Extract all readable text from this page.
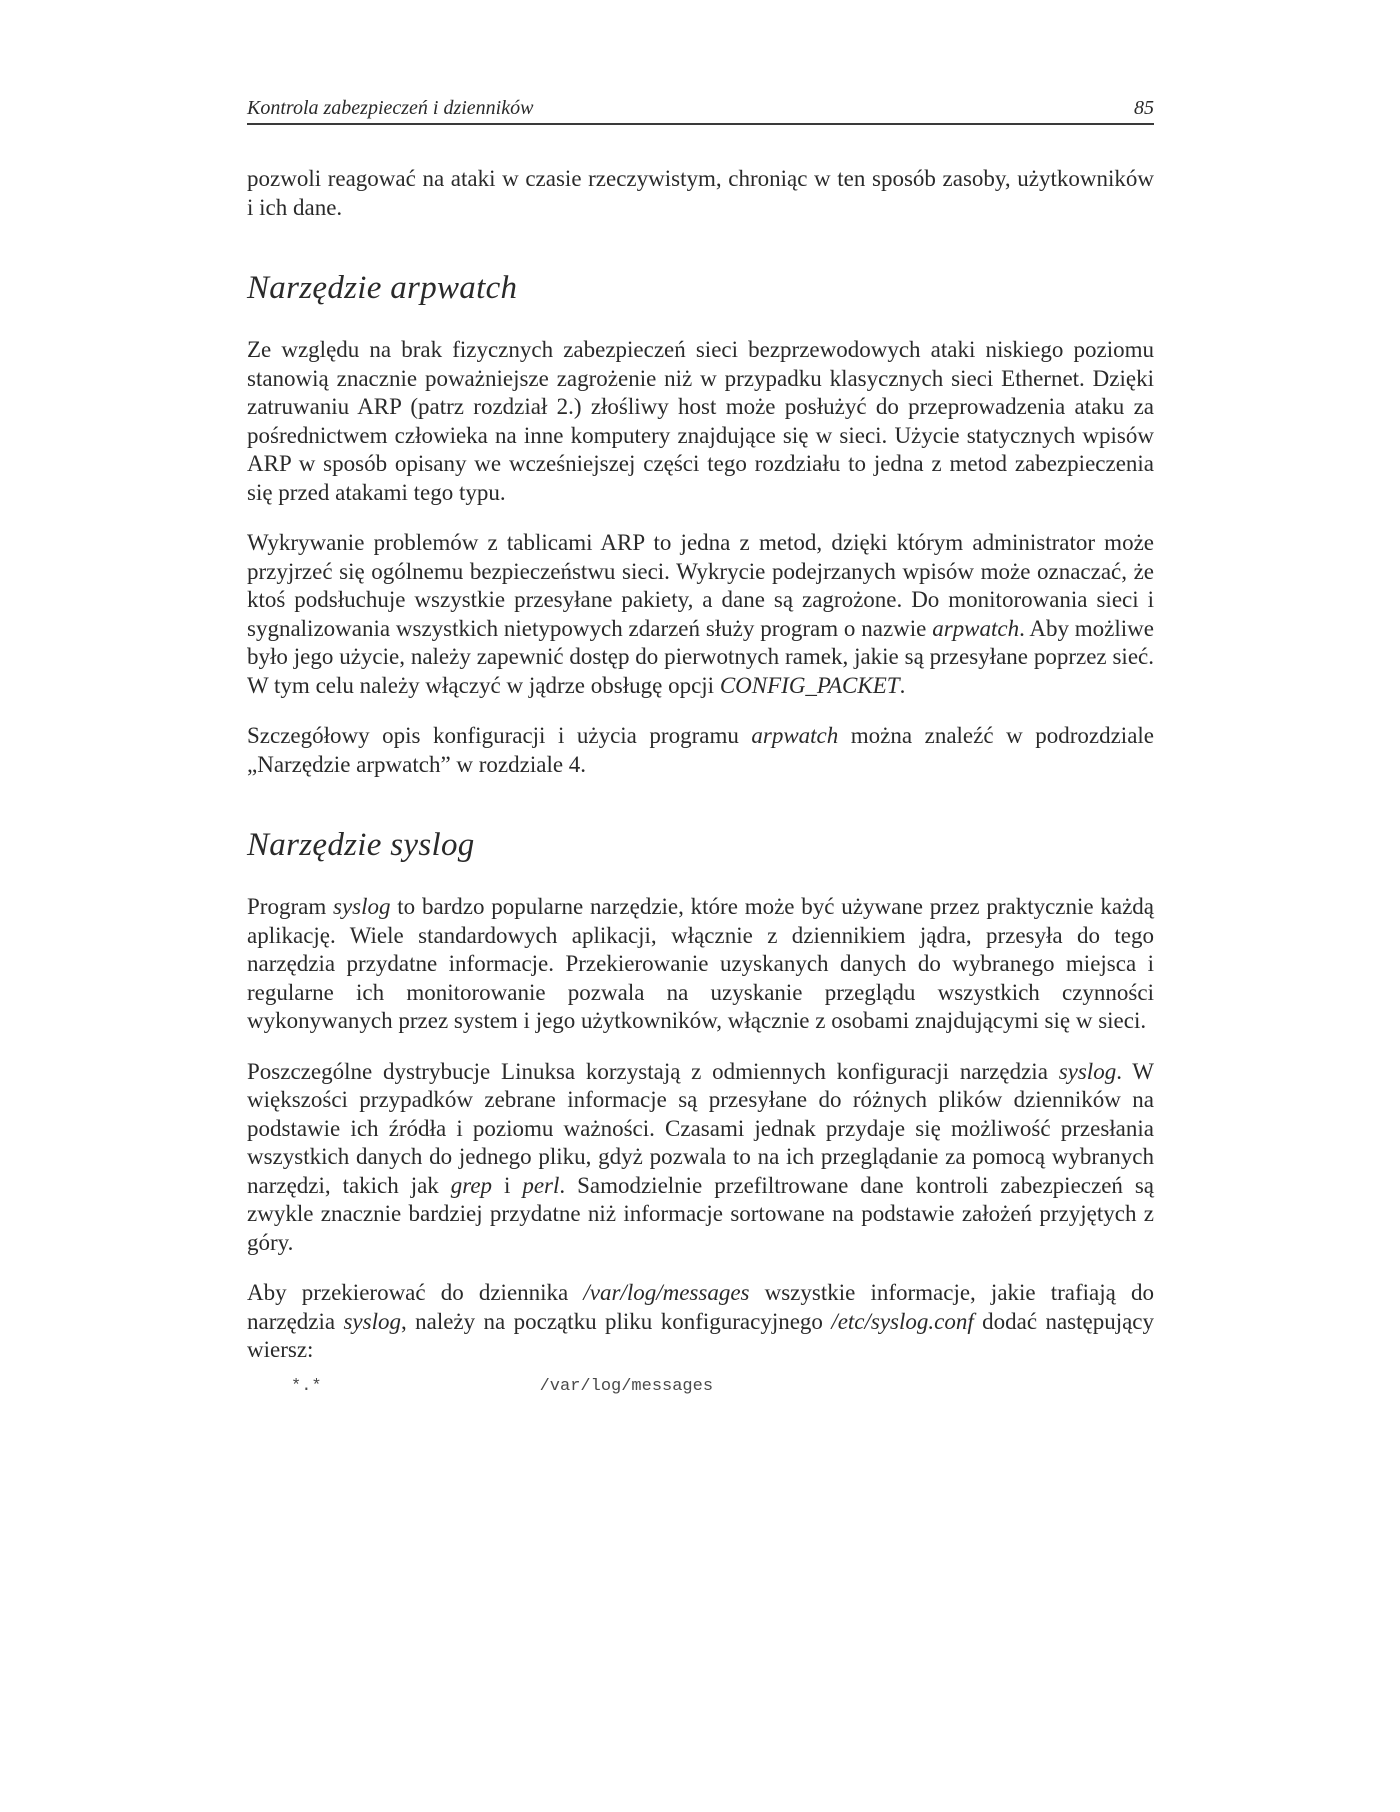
Kontrola zabezpieczeń i dzienników	85

pozwoli reagować na ataki w czasie rzeczywistym, chroniąc w ten sposób zasoby, użytkowników i ich dane.

Narzędzie arpwatch

Ze względu na brak fizycznych zabezpieczeń sieci bezprzewodowych ataki niskiego poziomu stanowią znacznie poważniejsze zagrożenie niż w przypadku klasycznych sieci Ethernet. Dzięki zatruwaniu ARP (patrz rozdział 2.) złośliwy host może posłużyć do przeprowadzenia ataku za pośrednictwem człowieka na inne komputery znajdujące się w sieci. Użycie statycznych wpisów ARP w sposób opisany we wcześniejszej części tego rozdziału to jedna z metod zabezpieczenia się przed atakami tego typu.

Wykrywanie problemów z tablicami ARP to jedna z metod, dzięki którym administrator może przyjrzeć się ogólnemu bezpieczeństwu sieci. Wykrycie podejrzanych wpisów może oznaczać, że ktoś podsłuchuje wszystkie przesyłane pakiety, a dane są zagrożone. Do monitorowania sieci i sygnalizowania wszystkich nietypowych zdarzeń służy program o nazwie arpwatch. Aby możliwe było jego użycie, należy zapewnić dostęp do pierwotnych ramek, jakie są przesyłane poprzez sieć. W tym celu należy włączyć w jądrze obsługę opcji CONFIG_PACKET.

Szczegółowy opis konfiguracji i użycia programu arpwatch można znaleźć w podrozdziale „Narzędzie arpwatch” w rozdziale 4.

Narzędzie syslog

Program syslog to bardzo popularne narzędzie, które może być używane przez praktycznie każdą aplikację. Wiele standardowych aplikacji, włącznie z dziennikiem jądra, przesyła do tego narzędzia przydatne informacje. Przekierowanie uzyskanych danych do wybranego miejsca i regularne ich monitorowanie pozwala na uzyskanie przeglądu wszystkich czynności wykonywanych przez system i jego użytkowników, włącznie z osobami znajdującymi się w sieci.

Poszczególne dystrybucje Linuksa korzystają z odmiennych konfiguracji narzędzia syslog. W większości przypadków zebrane informacje są przesyłane do różnych plików dzienników na podstawie ich źródła i poziomu ważności. Czasami jednak przydaje się możliwość przesłania wszystkich danych do jednego pliku, gdyż pozwala to na ich przeglądanie za pomocą wybranych narzędzi, takich jak grep i perl. Samodzielnie przefiltrowane dane kontroli zabezpieczeń są zwykle znacznie bardziej przydatne niż informacje sortowane na podstawie założeń przyjętych z góry.

Aby przekierować do dziennika /var/log/messages wszystkie informacje, jakie trafiają do narzędzia syslog, należy na początku pliku konfiguracyjnego /etc/syslog.conf dodać następujący wiersz:

*.*	/var/log/messages
